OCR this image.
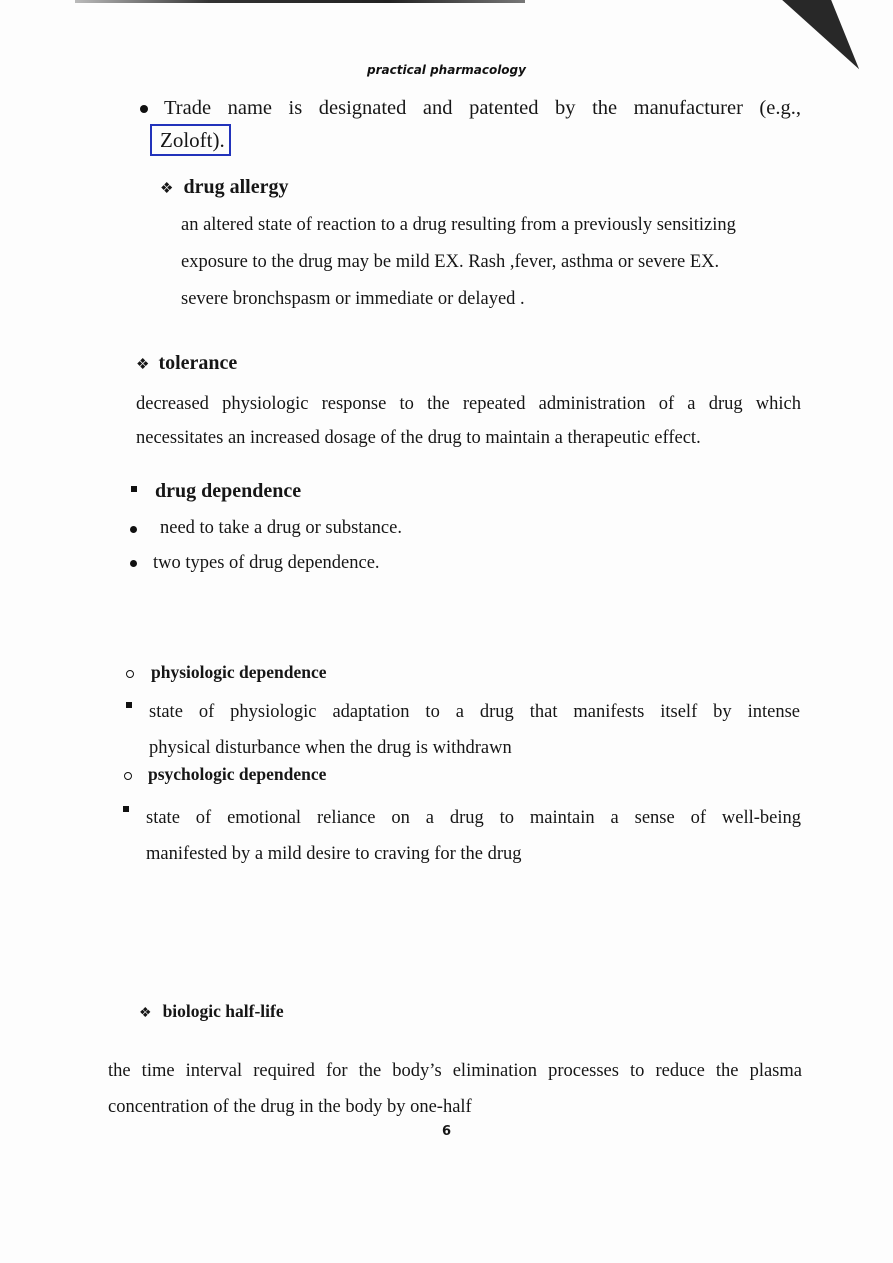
practical pharmacology
Trade name is designated and patented by the manufacturer (e.g.,
Zoloft).
❖ drug allergy
an altered state of reaction to a drug resulting from a previously sensitizing
exposure to the drug may be mild EX. Rash ,fever, asthma or severe EX.
severe bronchspasm or immediate or delayed .
❖ tolerance
decreased physiologic response to the repeated administration of a drug which
necessitates an increased dosage of the drug to maintain a therapeutic effect.
drug dependence
need to take a drug or substance.
two types of drug dependence.
physiologic dependence
state of physiologic adaptation to a drug that manifests itself by intense
physical disturbance when the drug is withdrawn
psychologic dependence
state of emotional reliance on a drug to maintain a sense of well-being
manifested by a mild desire to craving for the drug
❖ biologic half-life
the time interval required for the body’s elimination processes to reduce the plasma
concentration of the drug in the body by one-half
6
